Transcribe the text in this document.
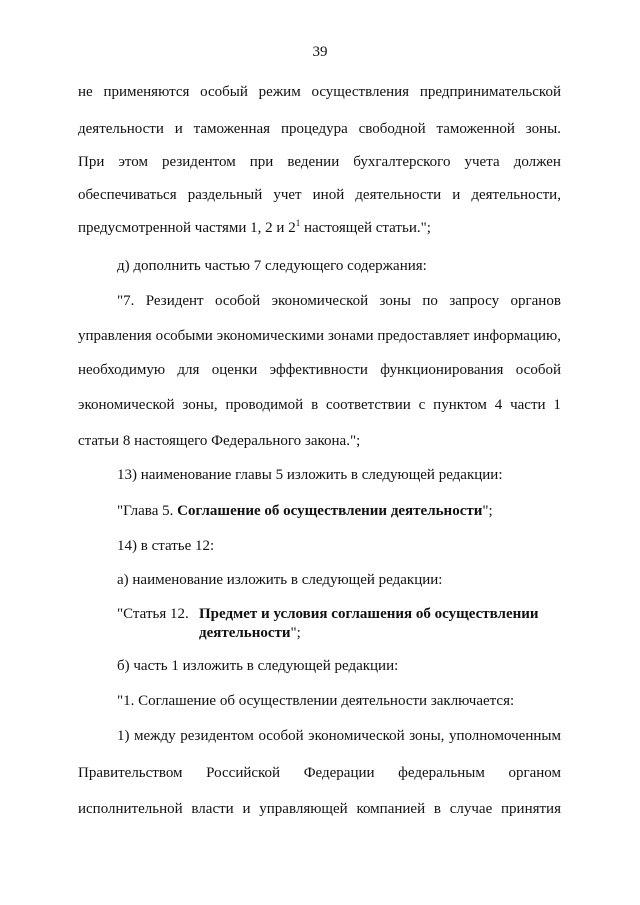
39
не применяются особый режим осуществления предпринимательской
деятельности и таможенная процедура свободной таможенной зоны.
При этом резидентом при ведении бухгалтерского учета должен
обеспечиваться раздельный учет иной деятельности и деятельности,
"7. Резидент особой экономической зоны по запросу органов
управления особыми экономическими зонами предоставляет информацию,
необходимую для оценки эффективности функционирования особой
экономической зоны, проводимой в соответствии с пунктом 4 части 1
1) между резидентом особой экономической зоны, уполномоченным
Правительством Российской Федерации федеральным органом
исполнительной власти и управляющей компанией в случае принятия
предусмотренной частями 1, 2 и $2^1$ настоящей статьи.";
д) дополнить частью 7 следующего содержания:
статьи 8 настоящего Федерального закона.";
13) наименование главы 5 изложить в следующей редакции:
"Глава 5. Соглашение об осуществлении деятельности";
14) в статье 12:
а) наименование изложить в следующей редакции:
"Статья 12. Предмет и условия соглашения об осуществлении
деятельности";
б) часть 1 изложить в следующей редакции:
"1. Соглашение об осуществлении деятельности заключается:
